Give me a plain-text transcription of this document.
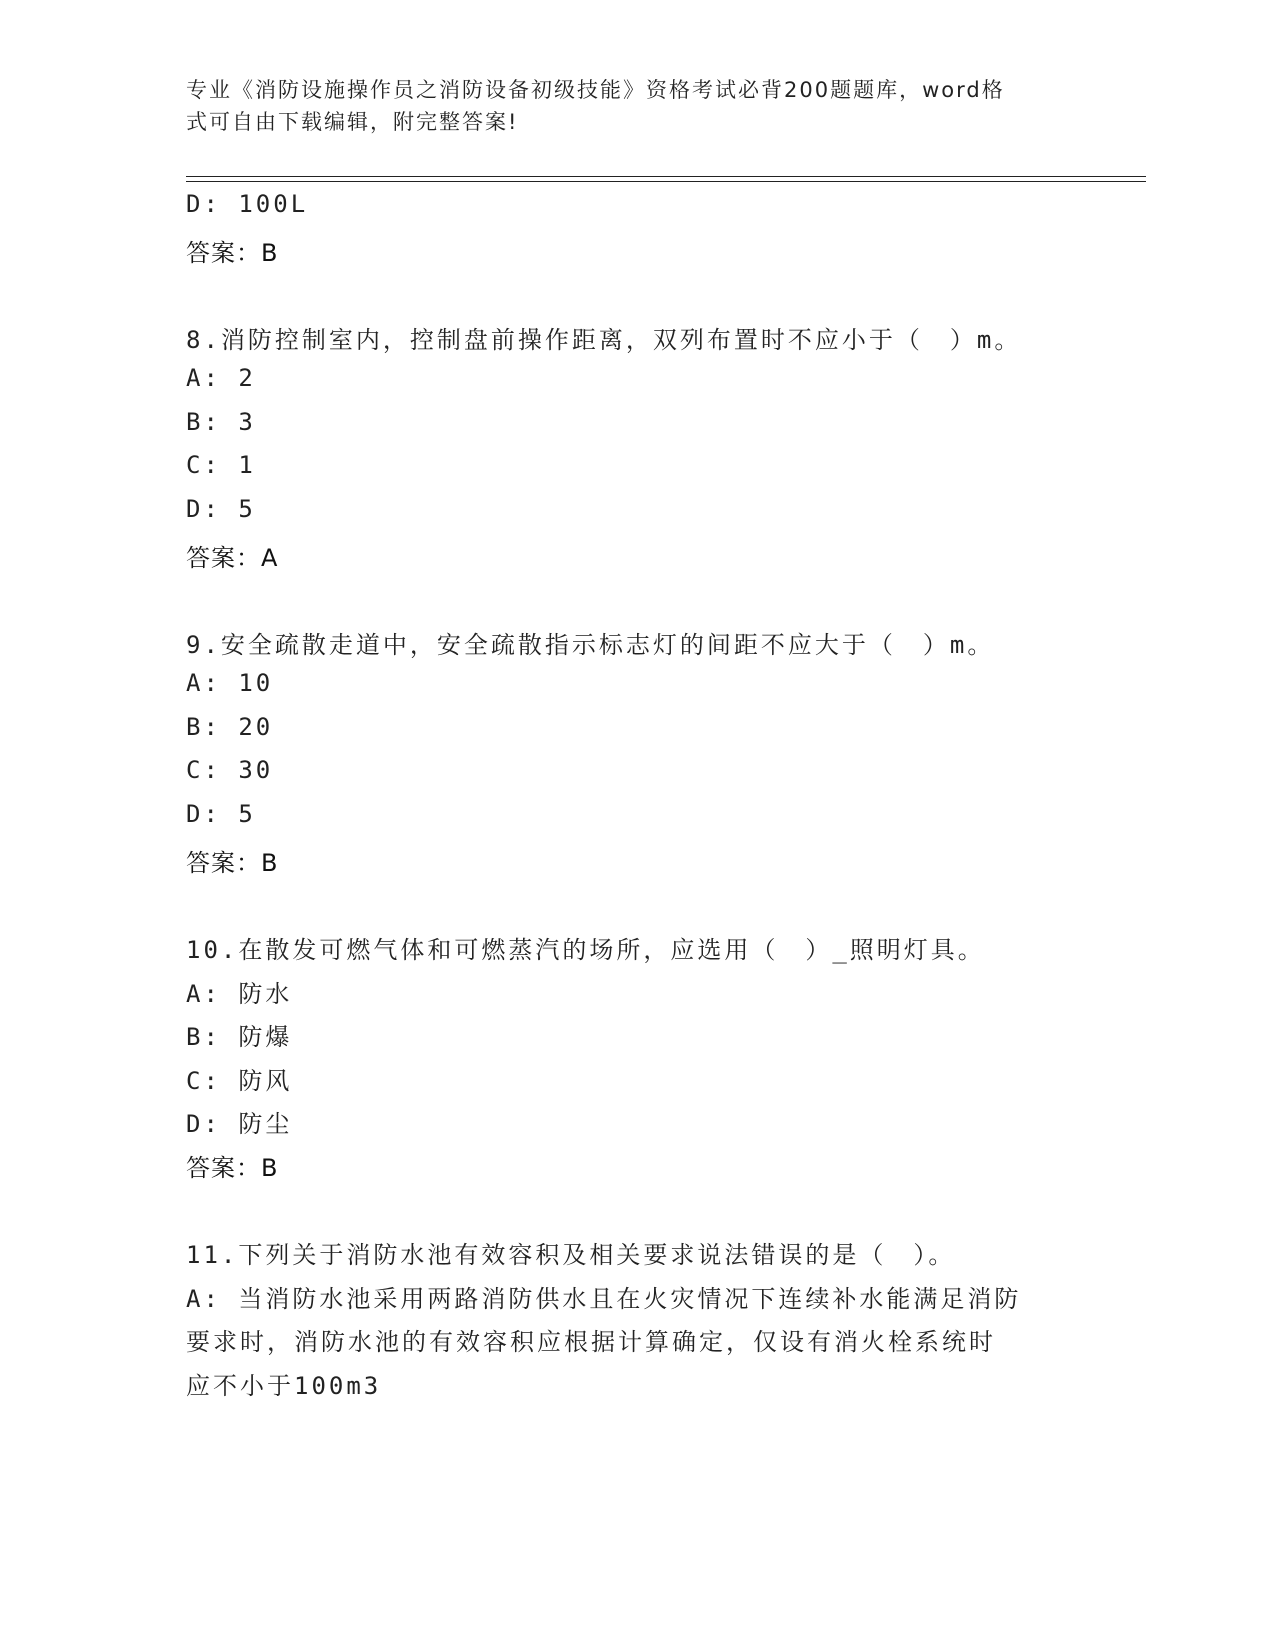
专业《消防设施操作员之消防设备初级技能》资格考试必背200题题库，word格
式可自由下载编辑，附完整答案!
D: 100L
答案：B
8.消防控制室内，控制盘前操作距离，双列布置时不应小于（　）m。
A: 2
B: 3
C: 1
D: 5
答案：A
9.安全疏散走道中，安全疏散指示标志灯的间距不应大于（　）m。
A: 10
B: 20
C: 30
D: 5
答案：B
10.在散发可燃气体和可燃蒸汽的场所，应选用（　）_照明灯具。
A: 防水
B: 防爆
C: 防风
D: 防尘
答案：B
11.下列关于消防水池有效容积及相关要求说法错误的是（　）。
A: 当消防水池采用两路消防供水且在火灾情况下连续补水能满足消防
要求时，消防水池的有效容积应根据计算确定，仅设有消火栓系统时
应不小于100m3
